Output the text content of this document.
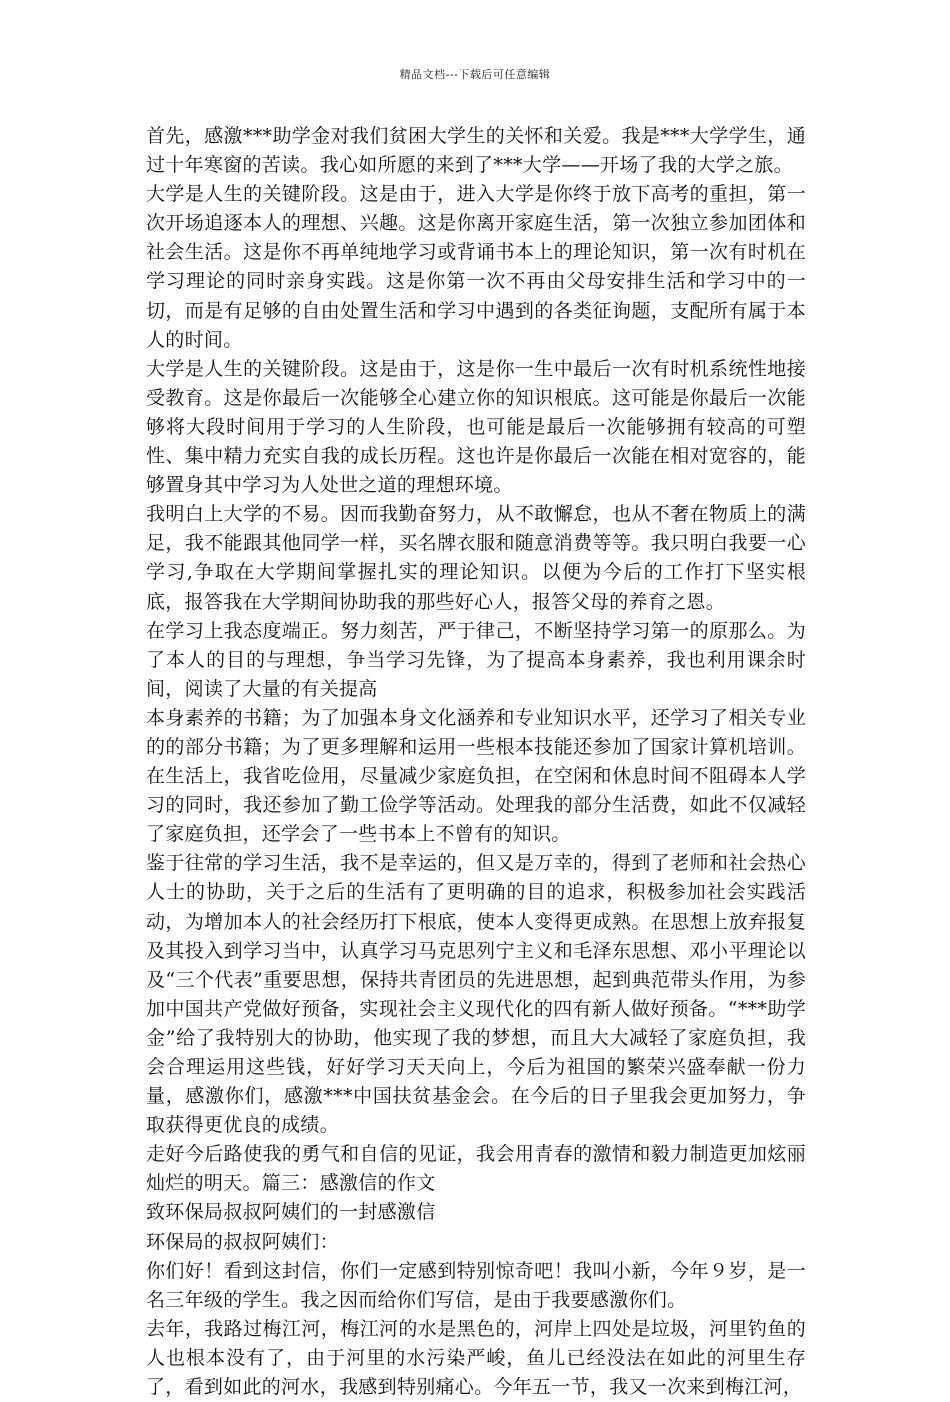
精品文档---下载后可任意编辑

首先，感激***助学金对我们贫困大学生的关怀和关爱。我是***大学学生，通过十年寒窗的苦读。我心如所愿的来到了***大学——开场了我的大学之旅。

大学是人生的关键阶段。这是由于，进入大学是你终于放下高考的重担，第一次开场追逐本人的理想、兴趣。这是你离开家庭生活，第一次独立参加团体和社会生活。这是你不再单纯地学习或背诵书本上的理论知识，第一次有时机在学习理论的同时亲身实践。这是你第一次不再由父母安排生活和学习中的一切，而是有足够的自由处置生活和学习中遇到的各类征询题，支配所有属于本人的时间。

大学是人生的关键阶段。这是由于，这是你一生中最后一次有时机系统性地接受教育。这是你最后一次能够全心建立你的知识根底。这可能是你最后一次能够将大段时间用于学习的人生阶段，也可能是最后一次能够拥有较高的可塑性、集中精力充实自我的成长历程。这也许是你最后一次能在相对宽容的，能够置身其中学习为人处世之道的理想环境。

我明白上大学的不易。因而我勤奋努力，从不敢懈怠，也从不奢在物质上的满足，我不能跟其他同学一样，买名牌衣服和随意消费等等。我只明白我要一心学习,争取在大学期间掌握扎实的理论知识。以便为今后的工作打下坚实根底，报答我在大学期间协助我的那些好心人，报答父母的养育之恩。

在学习上我态度端正。努力刻苦，严于律己，不断坚持学习第一的原那么。为了本人的目的与理想，争当学习先锋，为了提高本身素养，我也利用课余时间，阅读了大量的有关提高

本身素养的书籍；为了加强本身文化涵养和专业知识水平，还学习了相关专业的的部分书籍；为了更多理解和运用一些根本技能还参加了国家计算机培训。在生活上，我省吃俭用，尽量减少家庭负担，在空闲和休息时间不阻碍本人学习的同时，我还参加了勤工俭学等活动。处理我的部分生活费，如此不仅减轻了家庭负担，还学会了一些书本上不曾有的知识。

鉴于往常的学习生活，我不是幸运的，但又是万幸的，得到了老师和社会热心人士的协助，关于之后的生活有了更明确的目的追求，积极参加社会实践活动，为增加本人的社会经历打下根底，使本人变得更成熟。在思想上放弃报复及其投入到学习当中，认真学习马克思列宁主义和毛泽东思想、邓小平理论以及“三个代表”重要思想，保持共青团员的先进思想，起到典范带头作用，为参加中国共产党做好预备，实现社会主义现代化的四有新人做好预备。“***助学金”给了我特别大的协助，他实现了我的梦想，而且大大减轻了家庭负担，我会合理运用这些钱，好好学习天天向上，今后为祖国的繁荣兴盛奉献一份力量，感激你们，感激***中国扶贫基金会。在今后的日子里我会更加努力，争取获得更优良的成绩。

走好今后路使我的勇气和自信的见证，我会用青春的激情和毅力制造更加炫丽灿烂的明天。篇三：感激信的作文

致环保局叔叔阿姨们的一封感激信

环保局的叔叔阿姨们：

你们好！看到这封信，你们一定感到特别惊奇吧！我叫小新，今年９岁，是一名三年级的学生。我之因而给你们写信，是由于我要感激你们。

去年，我路过梅江河，梅江河的水是黑色的，河岸上四处是垃圾，河里钓鱼的人也根本没有了，由于河里的水污染严峻，鱼儿已经没法在如此的河里生存了，看到如此的河水，我感到特别痛心。今年五一节，我又一次来到梅江河，
